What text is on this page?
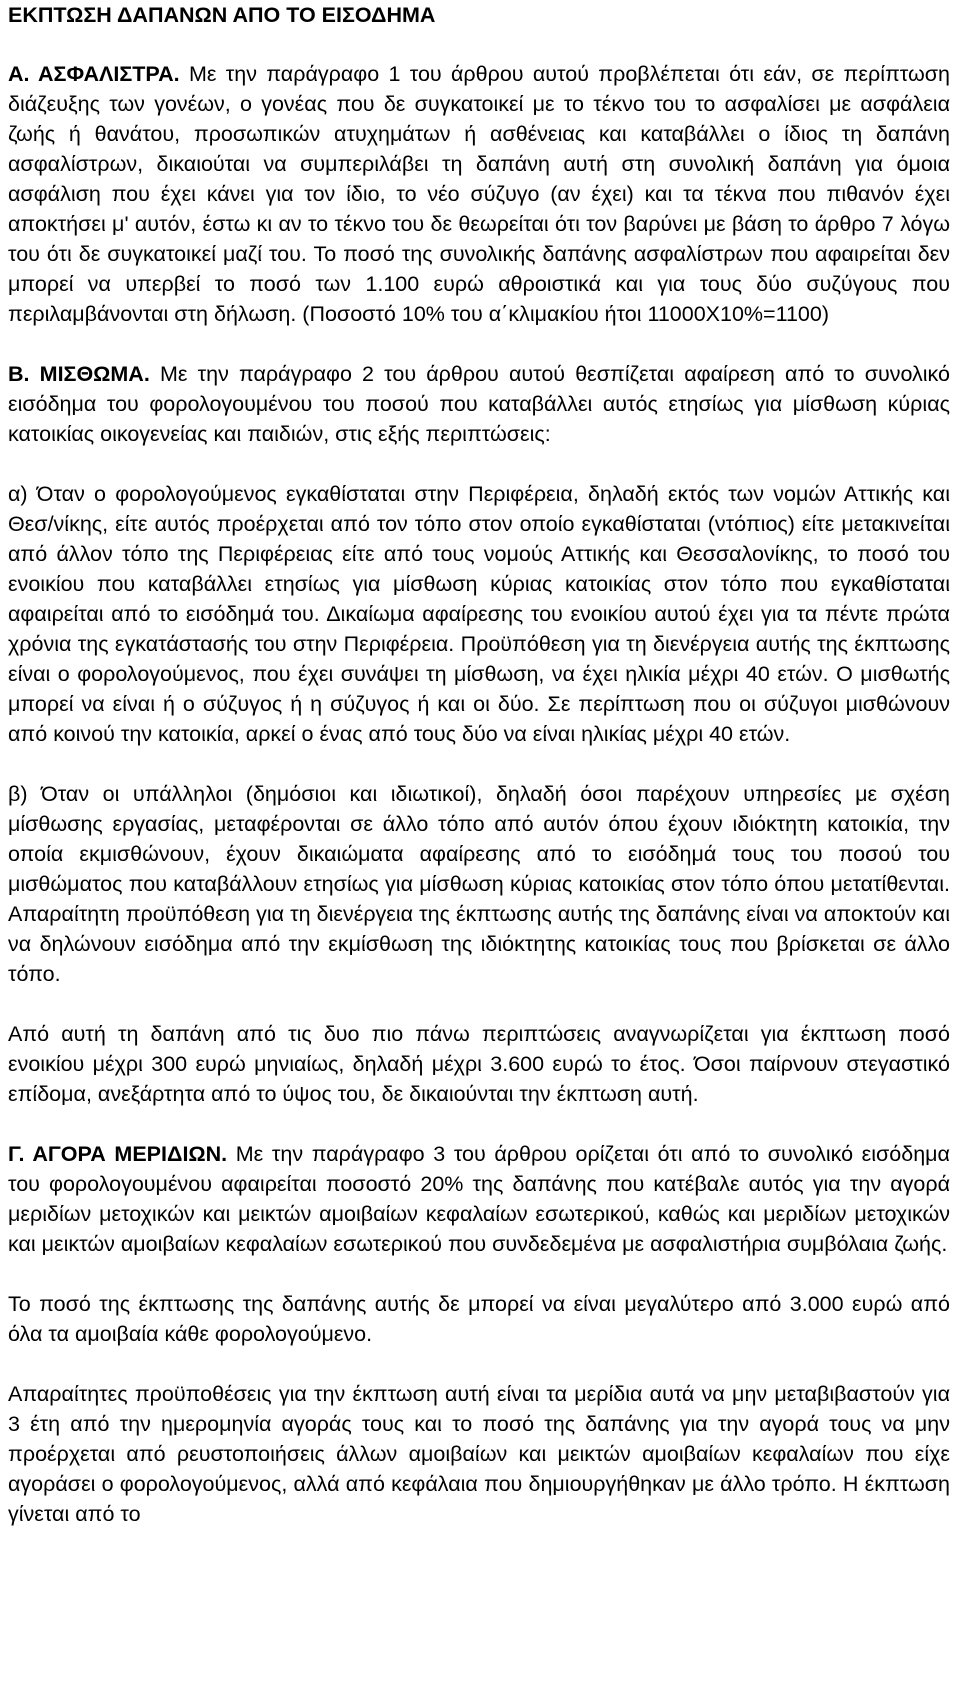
ΕΚΠΤΩΣΗ ΔΑΠΑΝΩΝ ΑΠΟ ΤΟ ΕΙΣΟΔΗΜΑ

Α. ΑΣΦΑΛΙΣΤΡΑ. Με την παράγραφο 1 του άρθρου αυτού προβλέπεται ότι εάν, σε περίπτωση διάζευξης των γονέων, ο γονέας που δε συγκατοικεί με το τέκνο του το ασφαλίσει με ασφάλεια ζωής ή θανάτου, προσωπικών ατυχημάτων ή ασθένειας και καταβάλλει ο ίδιος τη δαπάνη ασφαλίστρων, δικαιούται να συμπεριλάβει τη δαπάνη αυτή στη συνολική δαπάνη για όμοια ασφάλιση που έχει κάνει για τον ίδιο, το νέο σύζυγο (αν έχει) και τα τέκνα που πιθανόν έχει αποκτήσει μ' αυτόν, έστω κι αν το τέκνο του δε θεωρείται ότι τον βαρύνει με βάση το άρθρο 7 λόγω του ότι δε συγκατοικεί μαζί του. Το ποσό της συνολικής δαπάνης ασφαλίστρων που αφαιρείται δεν μπορεί να υπερβεί το ποσό των 1.100 ευρώ αθροιστικά και για τους δύο συζύγους που περιλαμβάνονται στη δήλωση. (Ποσοστό 10% του α΄κλιμακίου ήτοι 11000Χ10%=1100)

Β. ΜΙΣΘΩΜΑ. Με την παράγραφο 2 του άρθρου αυτού θεσπίζεται αφαίρεση από το συνολικό εισόδημα του φορολογουμένου του ποσού που καταβάλλει αυτός ετησίως για μίσθωση κύριας κατοικίας οικογενείας και παιδιών, στις εξής περιπτώσεις:

α) Όταν ο φορολογούμενος εγκαθίσταται στην Περιφέρεια, δηλαδή εκτός των νομών Αττικής και Θεσ/νίκης, είτε αυτός προέρχεται από τον τόπο στον οποίο εγκαθίσταται (ντόπιος) είτε μετακινείται από άλλον τόπο της Περιφέρειας είτε από τους νομούς Αττικής και Θεσσαλονίκης, το ποσό του ενοικίου που καταβάλλει ετησίως για μίσθωση κύριας κατοικίας στον τόπο που εγκαθίσταται αφαιρείται από το εισόδημά του. Δικαίωμα αφαίρεσης του ενοικίου αυτού έχει για τα πέντε πρώτα χρόνια της εγκατάστασής του στην Περιφέρεια. Προϋπόθεση για τη διενέργεια αυτής της έκπτωσης είναι ο φορολογούμενος, που έχει συνάψει τη μίσθωση, να έχει ηλικία μέχρι 40 ετών. Ο μισθωτής μπορεί να είναι ή ο σύζυγος ή η σύζυγος ή και οι δύο. Σε περίπτωση που οι σύζυγοι μισθώνουν από κοινού την κατοικία, αρκεί ο ένας από τους δύο να είναι ηλικίας μέχρι 40 ετών.

β) Όταν οι υπάλληλοι (δημόσιοι και ιδιωτικοί), δηλαδή όσοι παρέχουν υπηρεσίες με σχέση μίσθωσης εργασίας, μεταφέρονται σε άλλο τόπο από αυτόν όπου έχουν ιδιόκτητη κατοικία, την οποία εκμισθώνουν, έχουν δικαιώματα αφαίρεσης από το εισόδημά τους του ποσού του μισθώματος που καταβάλλουν ετησίως για μίσθωση κύριας κατοικίας στον τόπο όπου μετατίθενται. Απαραίτητη προϋπόθεση για τη διενέργεια της έκπτωσης αυτής της δαπάνης είναι να αποκτούν και να δηλώνουν εισόδημα από την εκμίσθωση της ιδιόκτητης κατοικίας τους που βρίσκεται σε άλλο τόπο.

Από αυτή τη δαπάνη από τις δυο πιο πάνω περιπτώσεις αναγνωρίζεται για έκπτωση ποσό ενοικίου μέχρι 300 ευρώ μηνιαίως, δηλαδή μέχρι 3.600 ευρώ το έτος. Όσοι παίρνουν στεγαστικό επίδομα, ανεξάρτητα από το ύψος του, δε δικαιούνται την έκπτωση αυτή.

Γ. ΑΓΟΡΑ ΜΕΡΙΔΙΩΝ. Με την παράγραφο 3 του άρθρου ορίζεται ότι από το συνολικό εισόδημα του φορολογουμένου αφαιρείται ποσοστό 20% της δαπάνης που κατέβαλε αυτός για την αγορά μεριδίων μετοχικών και μεικτών αμοιβαίων κεφαλαίων εσωτερικού, καθώς και μεριδίων μετοχικών και μεικτών αμοιβαίων κεφαλαίων εσωτερικού που συνδεδεμένα με ασφαλιστήρια συμβόλαια ζωής.

Το ποσό της έκπτωσης της δαπάνης αυτής δε μπορεί να είναι μεγαλύτερο από 3.000 ευρώ από όλα τα αμοιβαία κάθε φορολογούμενο.

Απαραίτητες προϋποθέσεις για την έκπτωση αυτή είναι τα μερίδια αυτά να μην μεταβιβαστούν για 3 έτη από την ημερομηνία αγοράς τους και το ποσό της δαπάνης για την αγορά τους να μην προέρχεται από ρευστοποιήσεις άλλων αμοιβαίων και μεικτών αμοιβαίων κεφαλαίων που είχε αγοράσει ο φορολογούμενος, αλλά από κεφάλαια που δημιουργήθηκαν με άλλο τρόπο. Η έκπτωση γίνεται από το
